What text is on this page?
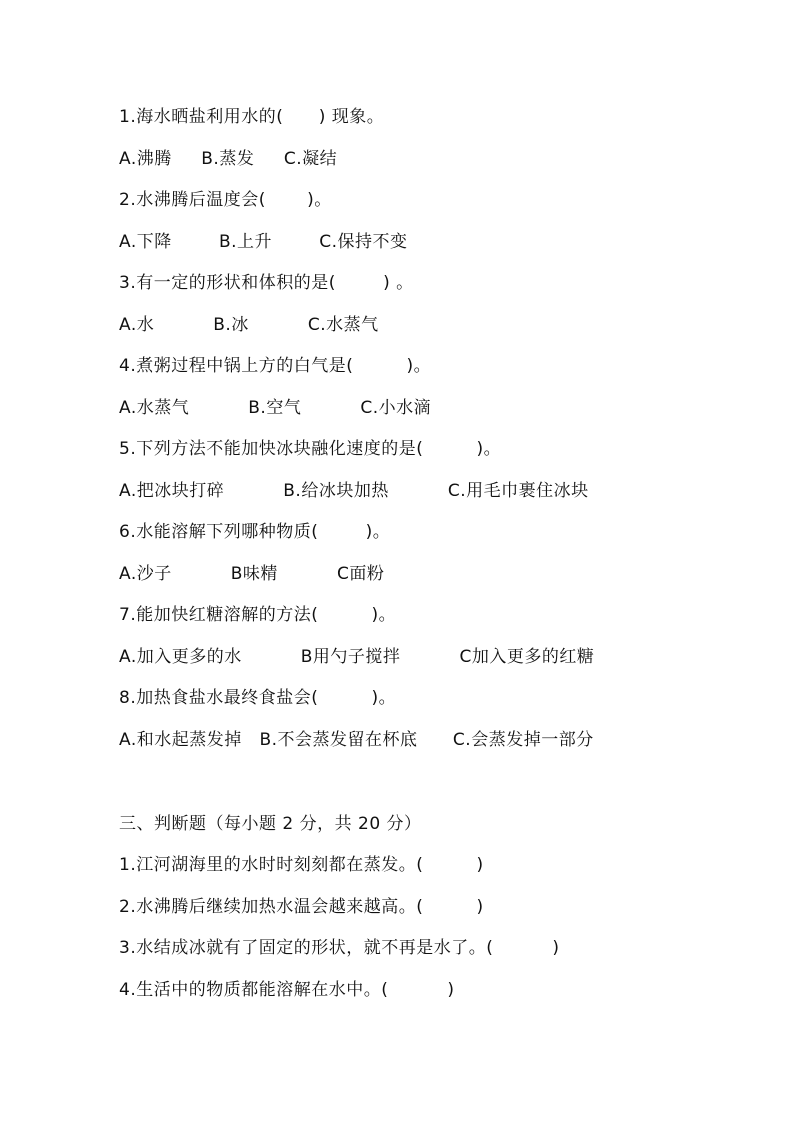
1.海水晒盐利用水的(      ) 现象。
A.沸腾     B.蒸发     C.凝结
2.水沸腾后温度会(       )。
A.下降        B.上升        C.保持不变
3.有一定的形状和体积的是(        ) 。
A.水          B.冰          C.水蒸气
4.煮粥过程中锅上方的白气是(         )。
A.水蒸气          B.空气          C.小水滴
5.下列方法不能加快冰块融化速度的是(         )。
A.把冰块打碎          B.给冰块加热          C.用毛巾裹住冰块
6.水能溶解下列哪种物质(        )。
A.沙子          B味精          C面粉
7.能加快红糖溶解的方法(         )。
A.加入更多的水          B用勺子搅拌          C加入更多的红糖
8.加热食盐水最终食盐会(         )。
A.和水起蒸发掉   B.不会蒸发留在杯底      C.会蒸发掉一部分
三、判断题（每小题 2 分，共 20 分）
1.江河湖海里的水时时刻刻都在蒸发。(         )
2.水沸腾后继续加热水温会越来越高。(         )
3.水结成冰就有了固定的形状，就不再是水了。(          )
4.生活中的物质都能溶解在水中。(          )
